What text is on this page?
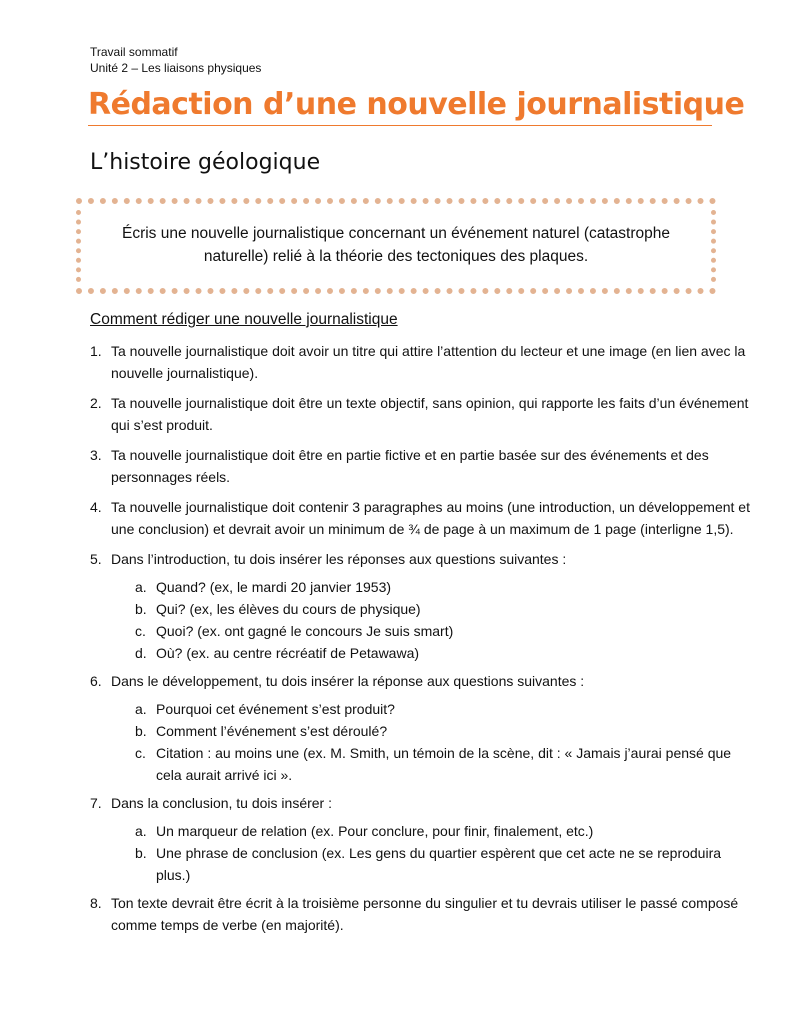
Travail sommatif
Unité 2 – Les liaisons physiques
Rédaction d’une nouvelle journalistique
L’histoire géologique

Écris une nouvelle journalistique concernant un événement naturel (catastrophe naturelle) relié à la théorie des tectoniques des plaques.

Comment rédiger une nouvelle journalistique
1. Ta nouvelle journalistique doit avoir un titre qui attire l’attention du lecteur et une image (en lien avec la nouvelle journalistique).
2. Ta nouvelle journalistique doit être un texte objectif, sans opinion, qui rapporte les faits d’un événement qui s’est produit.
3. Ta nouvelle journalistique doit être en partie fictive et en partie basée sur des événements et des personnages réels.
4. Ta nouvelle journalistique doit contenir 3 paragraphes au moins (une introduction, un développement et une conclusion) et devrait avoir un minimum de ¾ de page à un maximum de 1 page (interligne 1,5).
5. Dans l’introduction, tu dois insérer les réponses aux questions suivantes :
a. Quand? (ex, le mardi 20 janvier 1953)
b. Qui? (ex, les élèves du cours de physique)
c. Quoi? (ex. ont gagné le concours Je suis smart)
d. Où? (ex. au centre récréatif de Petawawa)
6. Dans le développement, tu dois insérer la réponse aux questions suivantes :
a. Pourquoi cet événement s’est produit?
b. Comment l’événement s’est déroulé?
c. Citation : au moins une (ex. M. Smith, un témoin de la scène, dit : « Jamais j’aurai pensé que cela aurait arrivé ici ».
7. Dans la conclusion, tu dois insérer :
a. Un marqueur de relation (ex. Pour conclure, pour finir, finalement, etc.)
b. Une phrase de conclusion (ex. Les gens du quartier espèrent que cet acte ne se reproduira plus.)
8. Ton texte devrait être écrit à la troisième personne du singulier et tu devrais utiliser le passé composé comme temps de verbe (en majorité).
